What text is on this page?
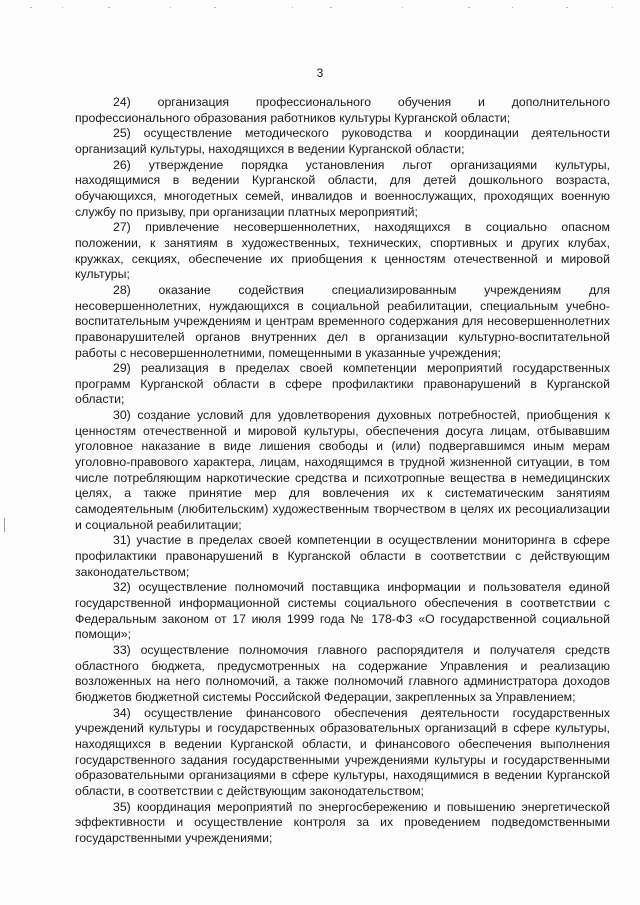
3

24) организация профессионального обучения и дополнительного профессионального образования работников культуры Курганской области;

25) осуществление методического руководства и координации деятельности организаций культуры, находящихся в ведении Курганской области;

26) утверждение порядка установления льгот организациями культуры, находящимися в ведении Курганской области, для детей дошкольного возраста, обучающихся, многодетных семей, инвалидов и военнослужащих, проходящих военную службу по призыву, при организации платных мероприятий;

27) привлечение несовершеннолетних, находящихся в социально опасном положении, к занятиям в художественных, технических, спортивных и других клубах, кружках, секциях, обеспечение их приобщения к ценностям отечественной и мировой культуры;

28) оказание содействия специализированным учреждениям для несовершеннолетних, нуждающихся в социальной реабилитации, специальным учебно-воспитательным учреждениям и центрам временного содержания для несовершеннолетних правонарушителей органов внутренних дел в организации культурно-воспитательной работы с несовершеннолетними, помещенными в указанные учреждения;

29) реализация в пределах своей компетенции мероприятий государственных программ Курганской области в сфере профилактики правонарушений в Курганской области;

30) создание условий для удовлетворения духовных потребностей, приобщения к ценностям отечественной и мировой культуры, обеспечения досуга лицам, отбывавшим уголовное наказание в виде лишения свободы и (или) подвергавшимся иным мерам уголовно-правового характера, лицам, находящимся в трудной жизненной ситуации, в том числе потребляющим наркотические средства и психотропные вещества в немедицинских целях, а также принятие мер для вовлечения их к систематическим занятиям самодеятельным (любительским) художественным творчеством в целях их ресоциализации и социальной реабилитации;

31) участие в пределах своей компетенции в осуществлении мониторинга в сфере профилактики правонарушений в Курганской области в соответствии с действующим законодательством;

32) осуществление полномочий поставщика информации и пользователя единой государственной информационной системы социального обеспечения в соответствии с Федеральным законом от 17 июля 1999 года № 178-ФЗ «О государственной социальной помощи»;

33) осуществление полномочия главного распорядителя и получателя средств областного бюджета, предусмотренных на содержание Управления и реализацию возложенных на него полномочий, а также полномочий главного администратора доходов бюджетов бюджетной системы Российской Федерации, закрепленных за Управлением;

34) осуществление финансового обеспечения деятельности государственных учреждений культуры и государственных образовательных организаций в сфере культуры, находящихся в ведении Курганской области, и финансового обеспечения выполнения государственного задания государственными учреждениями культуры и государственными образовательными организациями в сфере культуры, находящимися в ведении Курганской области, в соответствии с действующим законодательством;

35) координация мероприятий по энергосбережению и повышению энергетической эффективности и осуществление контроля за их проведением подведомственными государственными учреждениями;
